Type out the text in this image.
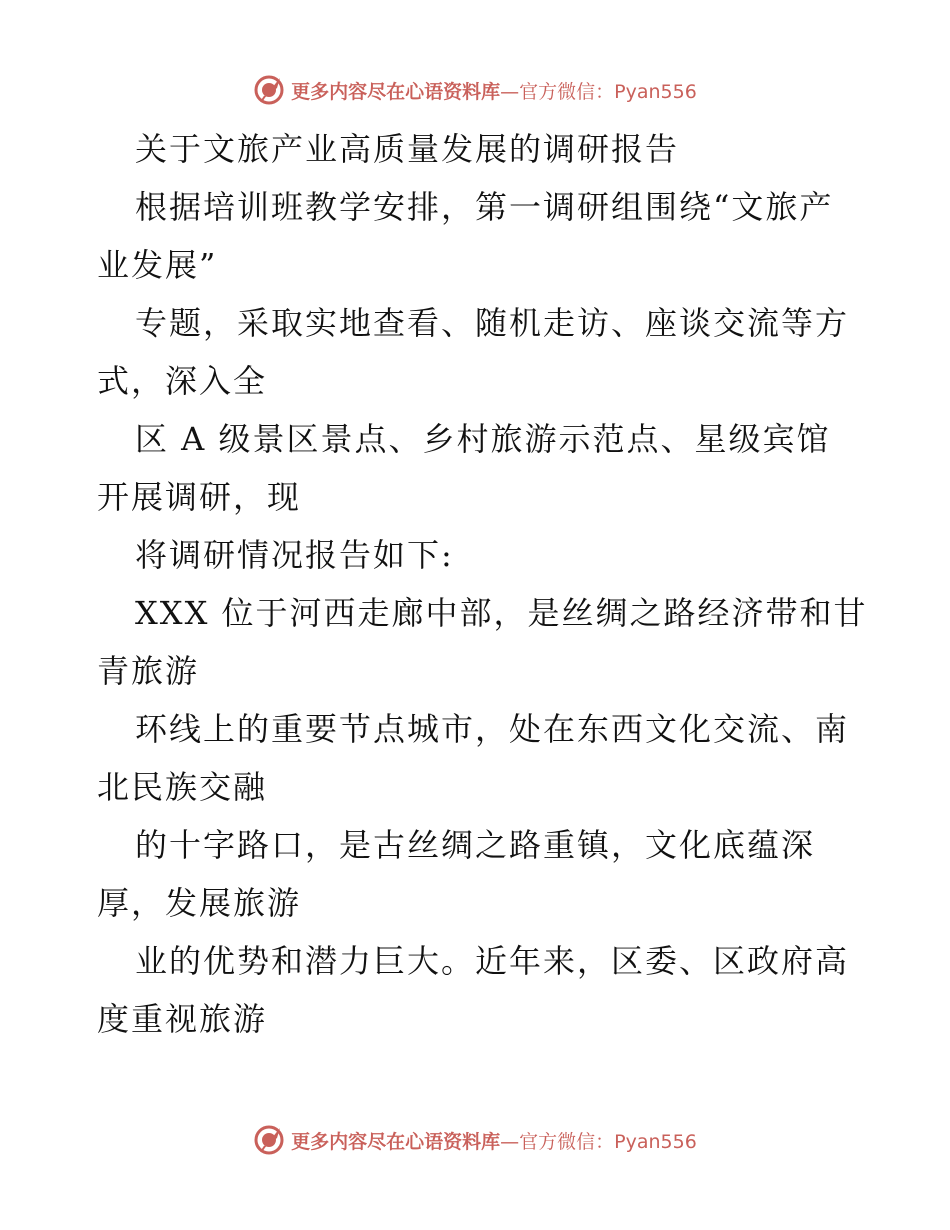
更多内容尽在心语资料库—官方微信：Pyan556
关于文旅产业高质量发展的调研报告
根据培训班教学安排，第一调研组围绕“文旅产
业发展”
专题，采取实地查看、随机走访、座谈交流等方
式，深入全
区 A 级景区景点、乡村旅游示范点、星级宾馆
开展调研，现
将调研情况报告如下:
XXX 位于河西走廊中部，是丝绸之路经济带和甘
青旅游
环线上的重要节点城市，处在东西文化交流、南
北民族交融
的十字路口，是古丝绸之路重镇，文化底蕴深
厚，发展旅游
业的优势和潜力巨大。近年来，区委、区政府高
度重视旅游
更多内容尽在心语资料库—官方微信：Pyan556
